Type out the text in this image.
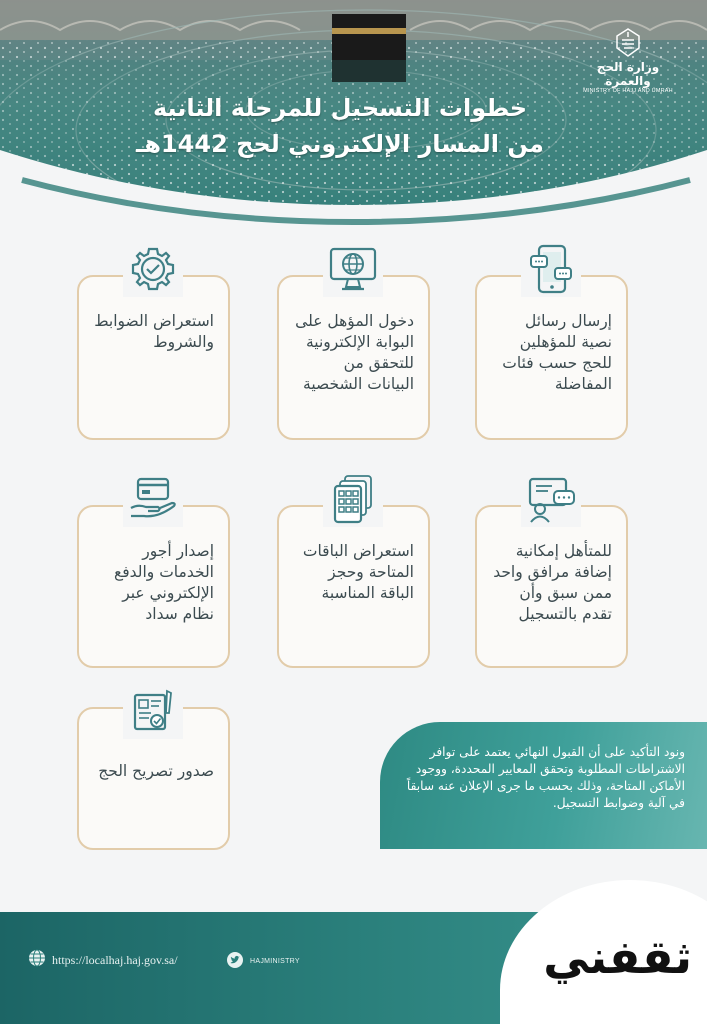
وزارة الحج والعمرة
MINISTRY OF HAJJ AND UMRAH
خطوات التسجيل للمرحلة الثانية
من المسار الإلكتروني لحج 1442هـ
إرسال رسائل نصية للمؤهلين للحج حسب فئات المفاضلة
دخول المؤهل على البوابة الإلكترونية للتحقق من البيانات الشخصية
استعراض الضوابط والشروط
للمتأهل إمكانية إضافة مرافق واحد ممن سبق وأن تقدم بالتسجيل
استعراض الباقات المتاحة وحجز الباقة المناسبة
إصدار أجور الخدمات والدفع الإلكتروني عبر نظام سداد
صدور تصريح الحج
ونود التأكيد على أن القبول النهائي يعتمد على توافر الاشتراطات المطلوبة وتحقق المعايير المحددة، ووجود الأماكن المتاحة، وذلك بحسب ما جرى الإعلان عنه سابقاً في آلية وضوابط التسجيل.
https://localhaj.haj.gov.sa/	HAJMINISTRY	ثقفني
